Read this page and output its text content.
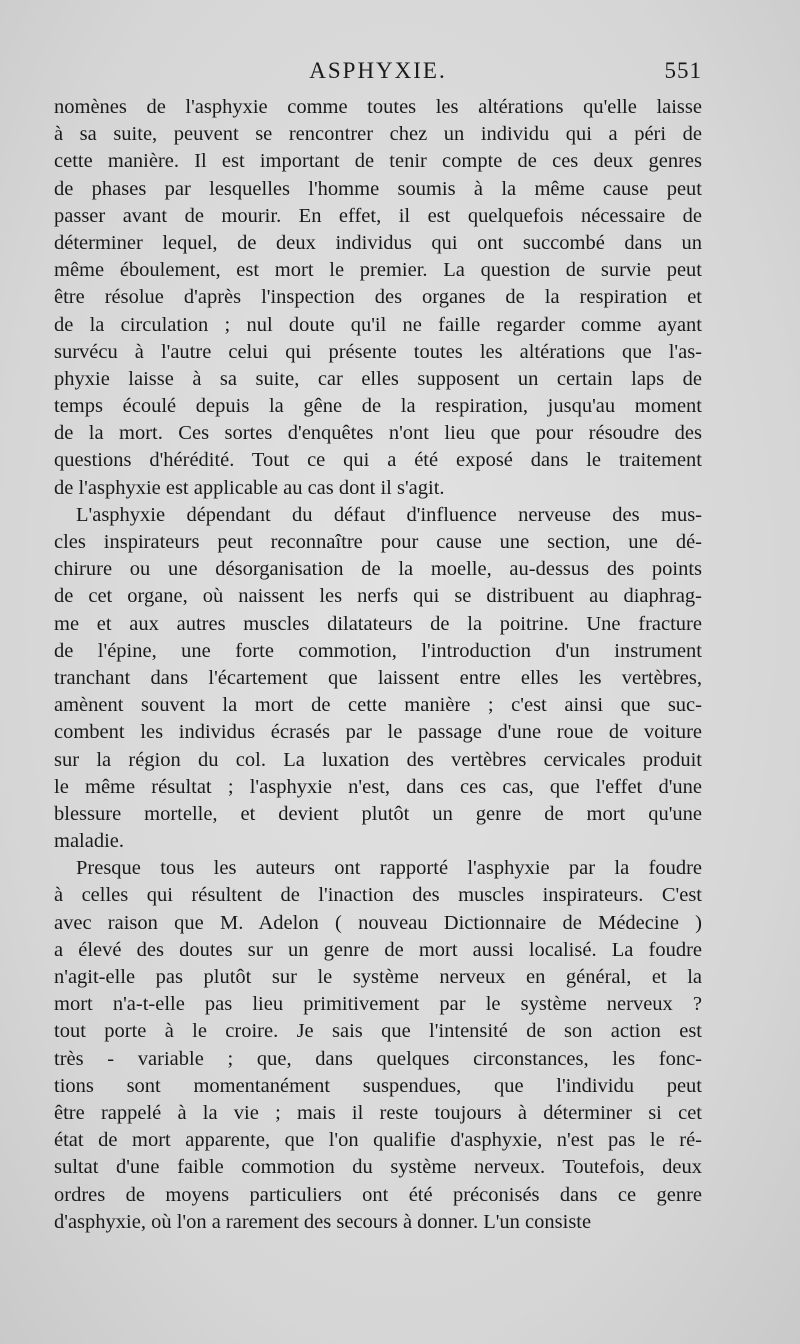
ASPHYXIE.	551
nomènes de l'asphyxie comme toutes les altérations qu'elle laisse
à sa suite, peuvent se rencontrer chez un individu qui a péri de
cette manière. Il est important de tenir compte de ces deux genres
de phases par lesquelles l'homme soumis à la même cause peut
passer avant de mourir. En effet, il est quelquefois nécessaire de
déterminer lequel, de deux individus qui ont succombé dans un
même éboulement, est mort le premier. La question de survie peut
être résolue d'après l'inspection des organes de la respiration et
de la circulation ; nul doute qu'il ne faille regarder comme ayant
survécu à l'autre celui qui présente toutes les altérations que l'as-
phyxie laisse à sa suite, car elles supposent un certain laps de
temps écoulé depuis la gêne de la respiration, jusqu'au moment
de la mort. Ces sortes d'enquêtes n'ont lieu que pour résoudre des
questions d'hérédité. Tout ce qui a été exposé dans le traitement
de l'asphyxie est applicable au cas dont il s'agit.
L'asphyxie dépendant du défaut d'influence nerveuse des mus-
cles inspirateurs peut reconnaître pour cause une section, une dé-
chirure ou une désorganisation de la moelle, au-dessus des points
de cet organe, où naissent les nerfs qui se distribuent au diaphrag-
me et aux autres muscles dilatateurs de la poitrine. Une fracture
de l'épine, une forte commotion, l'introduction d'un instrument
tranchant dans l'écartement que laissent entre elles les vertèbres,
amènent souvent la mort de cette manière ; c'est ainsi que suc-
combent les individus écrasés par le passage d'une roue de voiture
sur la région du col. La luxation des vertèbres cervicales produit
le même résultat ; l'asphyxie n'est, dans ces cas, que l'effet d'une
blessure mortelle, et devient plutôt un genre de mort qu'une
maladie.
Presque tous les auteurs ont rapporté l'asphyxie par la foudre
à celles qui résultent de l'inaction des muscles inspirateurs. C'est
avec raison que M. Adelon ( nouveau Dictionnaire de Médecine )
a élevé des doutes sur un genre de mort aussi localisé. La foudre
n'agit-elle pas plutôt sur le système nerveux en général, et la
mort n'a-t-elle pas lieu primitivement par le système nerveux ?
tout porte à le croire. Je sais que l'intensité de son action est
très - variable ; que, dans quelques circonstances, les fonc-
tions sont momentanément suspendues, que l'individu peut
être rappelé à la vie ; mais il reste toujours à déterminer si cet
état de mort apparente, que l'on qualifie d'asphyxie, n'est pas le ré-
sultat d'une faible commotion du système nerveux. Toutefois, deux
ordres de moyens particuliers ont été préconisés dans ce genre
d'asphyxie, où l'on a rarement des secours à donner. L'un consiste
